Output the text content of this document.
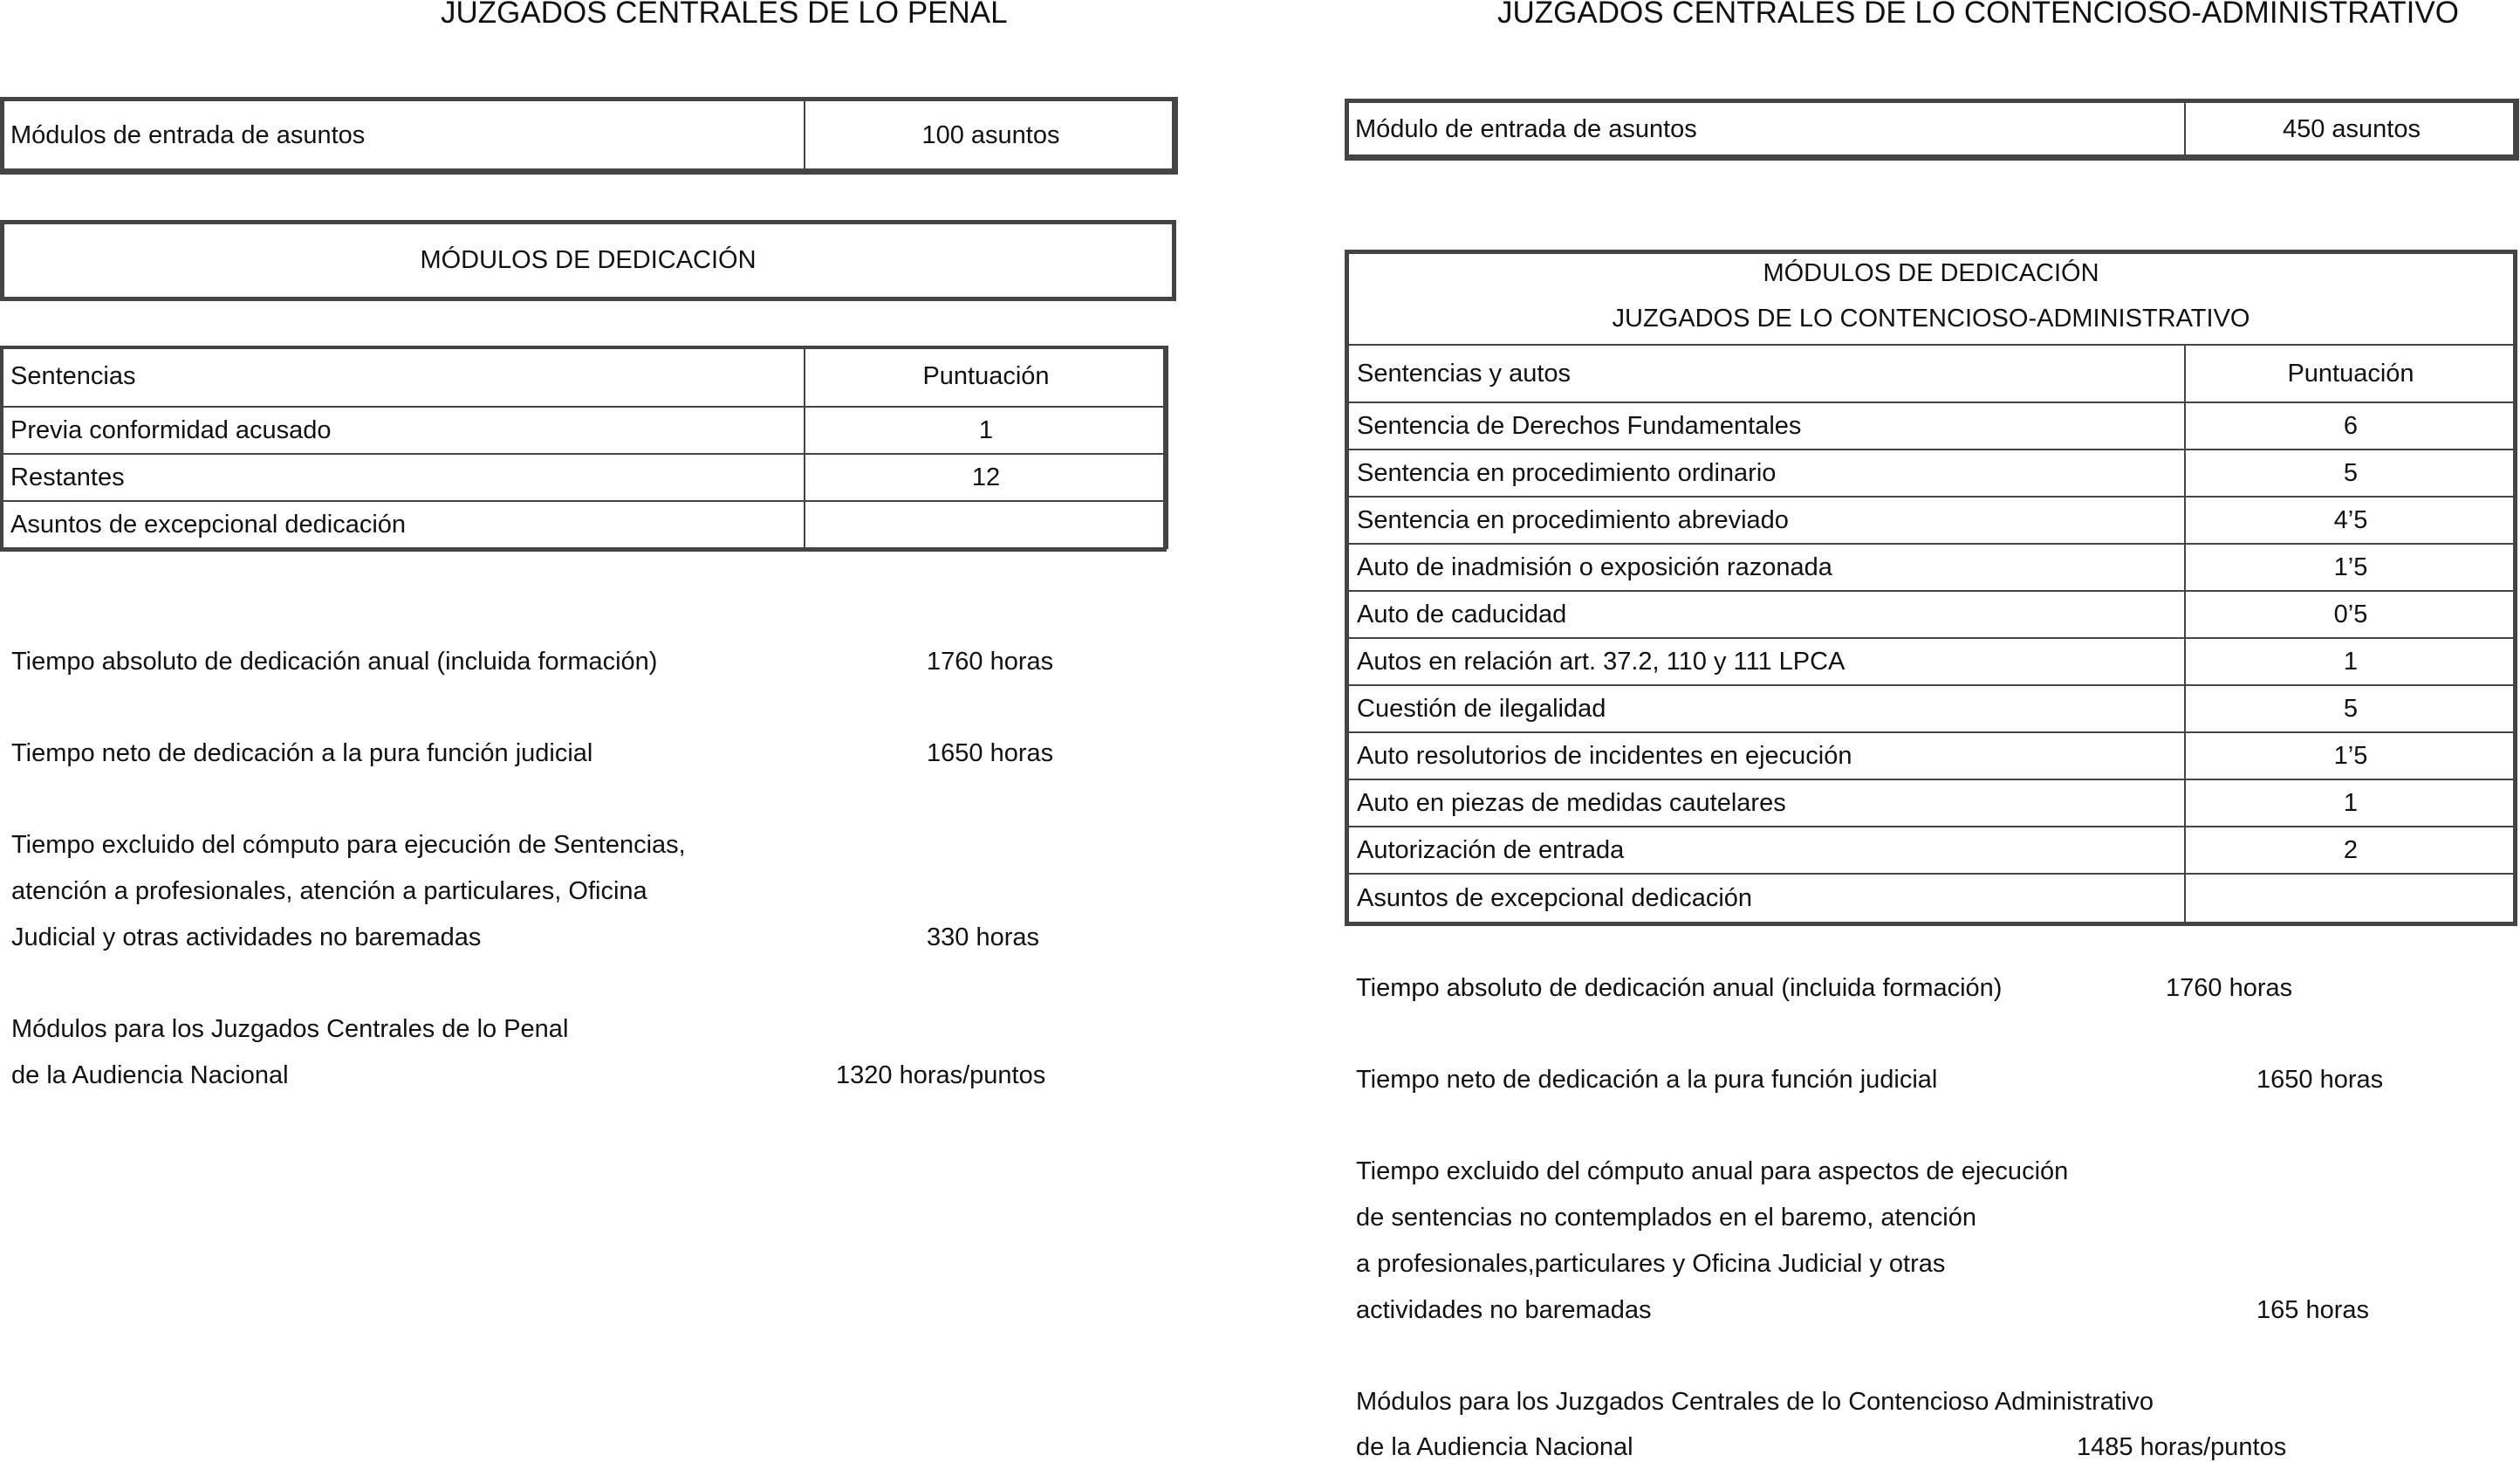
JUZGADOS CENTRALES DE LO PENAL
Módulos de entrada de asuntos	100 asuntos
MÓDULOS DE DEDICACIÓN
Sentencias	Puntuación
Previa conformidad acusado	1
Restantes	12
Asuntos de excepcional dedicación	
Tiempo absoluto de dedicación anual (incluida formación)	1760 horas
Tiempo neto de dedicación a la pura función judicial	1650 horas
Tiempo excluido del cómputo para ejecución de Sentencias,
atención a profesionales, atención a particulares, Oficina
Judicial y otras actividades no baremadas	330 horas
Módulos para los Juzgados Centrales de lo Penal
de la Audiencia Nacional	1320 horas/puntos
JUZGADOS CENTRALES DE LO CONTENCIOSO-ADMINISTRATIVO
Módulo de entrada de asuntos	450 asuntos
MÓDULOS DE DEDICACIÓN
JUZGADOS DE LO CONTENCIOSO-ADMINISTRATIVO
Sentencias y autos	Puntuación
Sentencia de Derechos Fundamentales	6
Sentencia en procedimiento ordinario	5
Sentencia en procedimiento abreviado	4’5
Auto de inadmisión o exposición razonada	1’5
Auto de caducidad	0’5
Autos en relación art. 37.2, 110 y 111 LPCA	1
Cuestión de ilegalidad	5
Auto resolutorios de incidentes en ejecución	1’5
Auto en piezas de medidas cautelares	1
Autorización de entrada	2
Asuntos de excepcional dedicación	
Tiempo absoluto de dedicación anual (incluida formación)	1760 horas
Tiempo neto de dedicación a la pura función judicial	1650 horas
Tiempo excluido del cómputo anual para aspectos de ejecución
de sentencias no contemplados en el baremo, atención
a profesionales,particulares y Oficina Judicial y otras
actividades no baremadas	165 horas
Módulos para los Juzgados Centrales de lo Contencioso Administrativo
de la Audiencia Nacional	1485 horas/puntos
